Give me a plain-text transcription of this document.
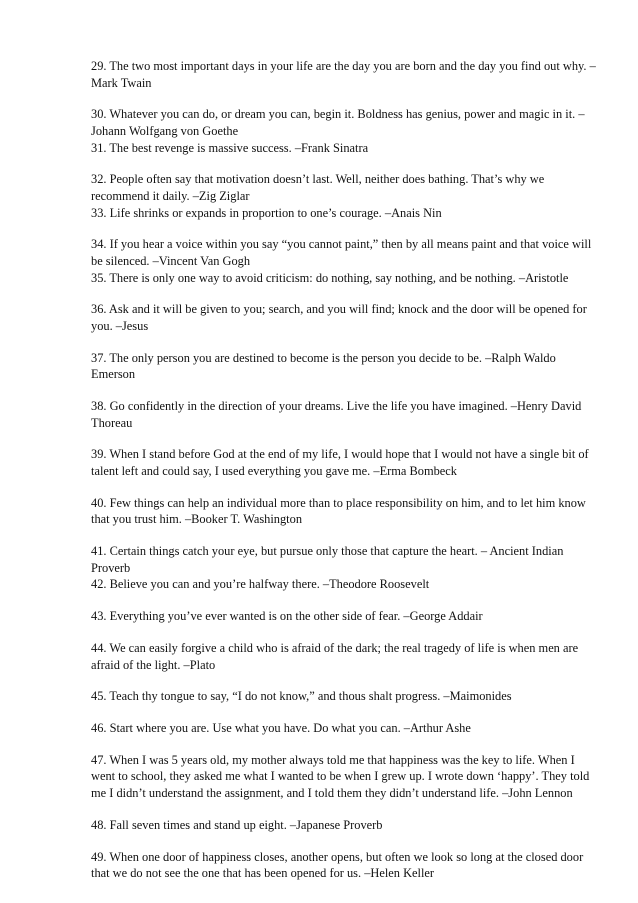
29. The two most important days in your life are the day you are born and the day you find out why. –Mark Twain

30. Whatever you can do, or dream you can, begin it. Boldness has genius, power and magic in it. –Johann Wolfgang von Goethe

31. The best revenge is massive success. –Frank Sinatra

32. People often say that motivation doesn’t last. Well, neither does bathing. That’s why we recommend it daily. –Zig Ziglar

33. Life shrinks or expands in proportion to one’s courage. –Anais Nin

34. If you hear a voice within you say “you cannot paint,” then by all means paint and that voice will be silenced. –Vincent Van Gogh

35. There is only one way to avoid criticism: do nothing, say nothing, and be nothing. –Aristotle

36. Ask and it will be given to you; search, and you will find; knock and the door will be opened for you. –Jesus

37. The only person you are destined to become is the person you decide to be. –Ralph Waldo Emerson

38. Go confidently in the direction of your dreams. Live the life you have imagined. –Henry David Thoreau

39. When I stand before God at the end of my life, I would hope that I would not have a single bit of talent left and could say, I used everything you gave me. –Erma Bombeck

40. Few things can help an individual more than to place responsibility on him, and to let him know that you trust him. –Booker T. Washington

41. Certain things catch your eye, but pursue only those that capture the heart. – Ancient Indian Proverb

42. Believe you can and you’re halfway there. –Theodore Roosevelt

43. Everything you’ve ever wanted is on the other side of fear. –George Addair

44. We can easily forgive a child who is afraid of the dark; the real tragedy of life is when men are afraid of the light. –Plato

45. Teach thy tongue to say, “I do not know,” and thous shalt progress. –Maimonides

46. Start where you are. Use what you have. Do what you can. –Arthur Ashe

47. When I was 5 years old, my mother always told me that happiness was the key to life. When I went to school, they asked me what I wanted to be when I grew up. I wrote down ‘happy’. They told me I didn’t understand the assignment, and I told them they didn’t understand life. –John Lennon

48. Fall seven times and stand up eight. –Japanese Proverb

49. When one door of happiness closes, another opens, but often we look so long at the closed door that we do not see the one that has been opened for us. –Helen Keller
